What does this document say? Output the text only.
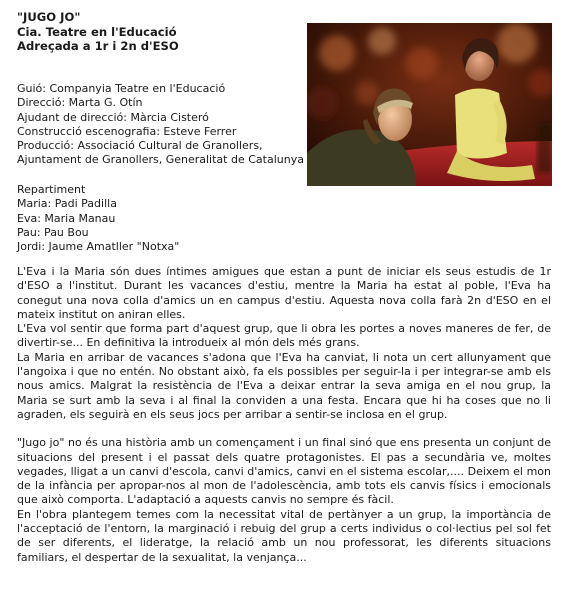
"JUGO JO"
Cia. Teatre en l'Educació
Adreçada a 1r i 2n d'ESO
Guió: Companyia Teatre en l'Educació
Direcció: Marta G. Otín
Ajudant de direcció: Màrcia Cisteró
Construcció escenografia: Esteve Ferrer
Producció: Associació Cultural de Granollers,
Ajuntament de Granollers, Generalitat de Catalunya
Repartiment
Maria: Padi Padilla
Eva: Maria Manau
Pau: Pau Bou
Jordi: Jaume Amatller "Notxa"

L'Eva i la Maria són dues íntimes amigues que estan a punt de iniciar els seus estudis de 1r d'ESO a l'institut. Durant les vacances d'estiu, mentre la Maria ha estat al poble, l'Eva ha conegut una nova colla d'amics un en campus d'estiu. Aquesta nova colla farà 2n d'ESO en el mateix institut on aniran elles.

L'Eva vol sentir que forma part d'aquest grup, que li obra les portes a noves maneres de fer, de divertir-se... En definitiva la introdueix al món dels més grans.

La Maria en arribar de vacances s'adona que l'Eva ha canviat, li nota un cert allunyament que l'angoixa i que no entén. No obstant això, fa els possibles per seguir-la i per integrar-se amb els nous amics. Malgrat la resistència de l'Eva a deixar entrar la seva amiga en el nou grup, la Maria se surt amb la seva i al final la conviden a una festa. Encara que hi ha coses que no li agraden, els seguirà en els seus jocs per arribar a sentir-se inclosa en el grup.

"Jugo jo" no és una història amb un començament i un final sinó que ens presenta un conjunt de situacions del present i el passat dels quatre protagonistes. El pas a secundària ve, moltes vegades, lligat a un canvi d'escola, canvi d'amics, canvi en el sistema escolar,.... Deixem el mon de la infància per apropar-nos al mon de l'adolescència, amb tots els canvis físics i emocionals que això comporta. L'adaptació a aquests canvis no sempre és fàcil.

En l'obra plantegem temes com la necessitat vital de pertànyer a un grup, la importància de l'acceptació de l'entorn, la marginació i rebuig del grup a certs individus o col·lectius pel sol fet de ser diferents, el lideratge, la relació amb un nou professorat, les diferents situacions familiars, el despertar de la sexualitat, la venjança...
